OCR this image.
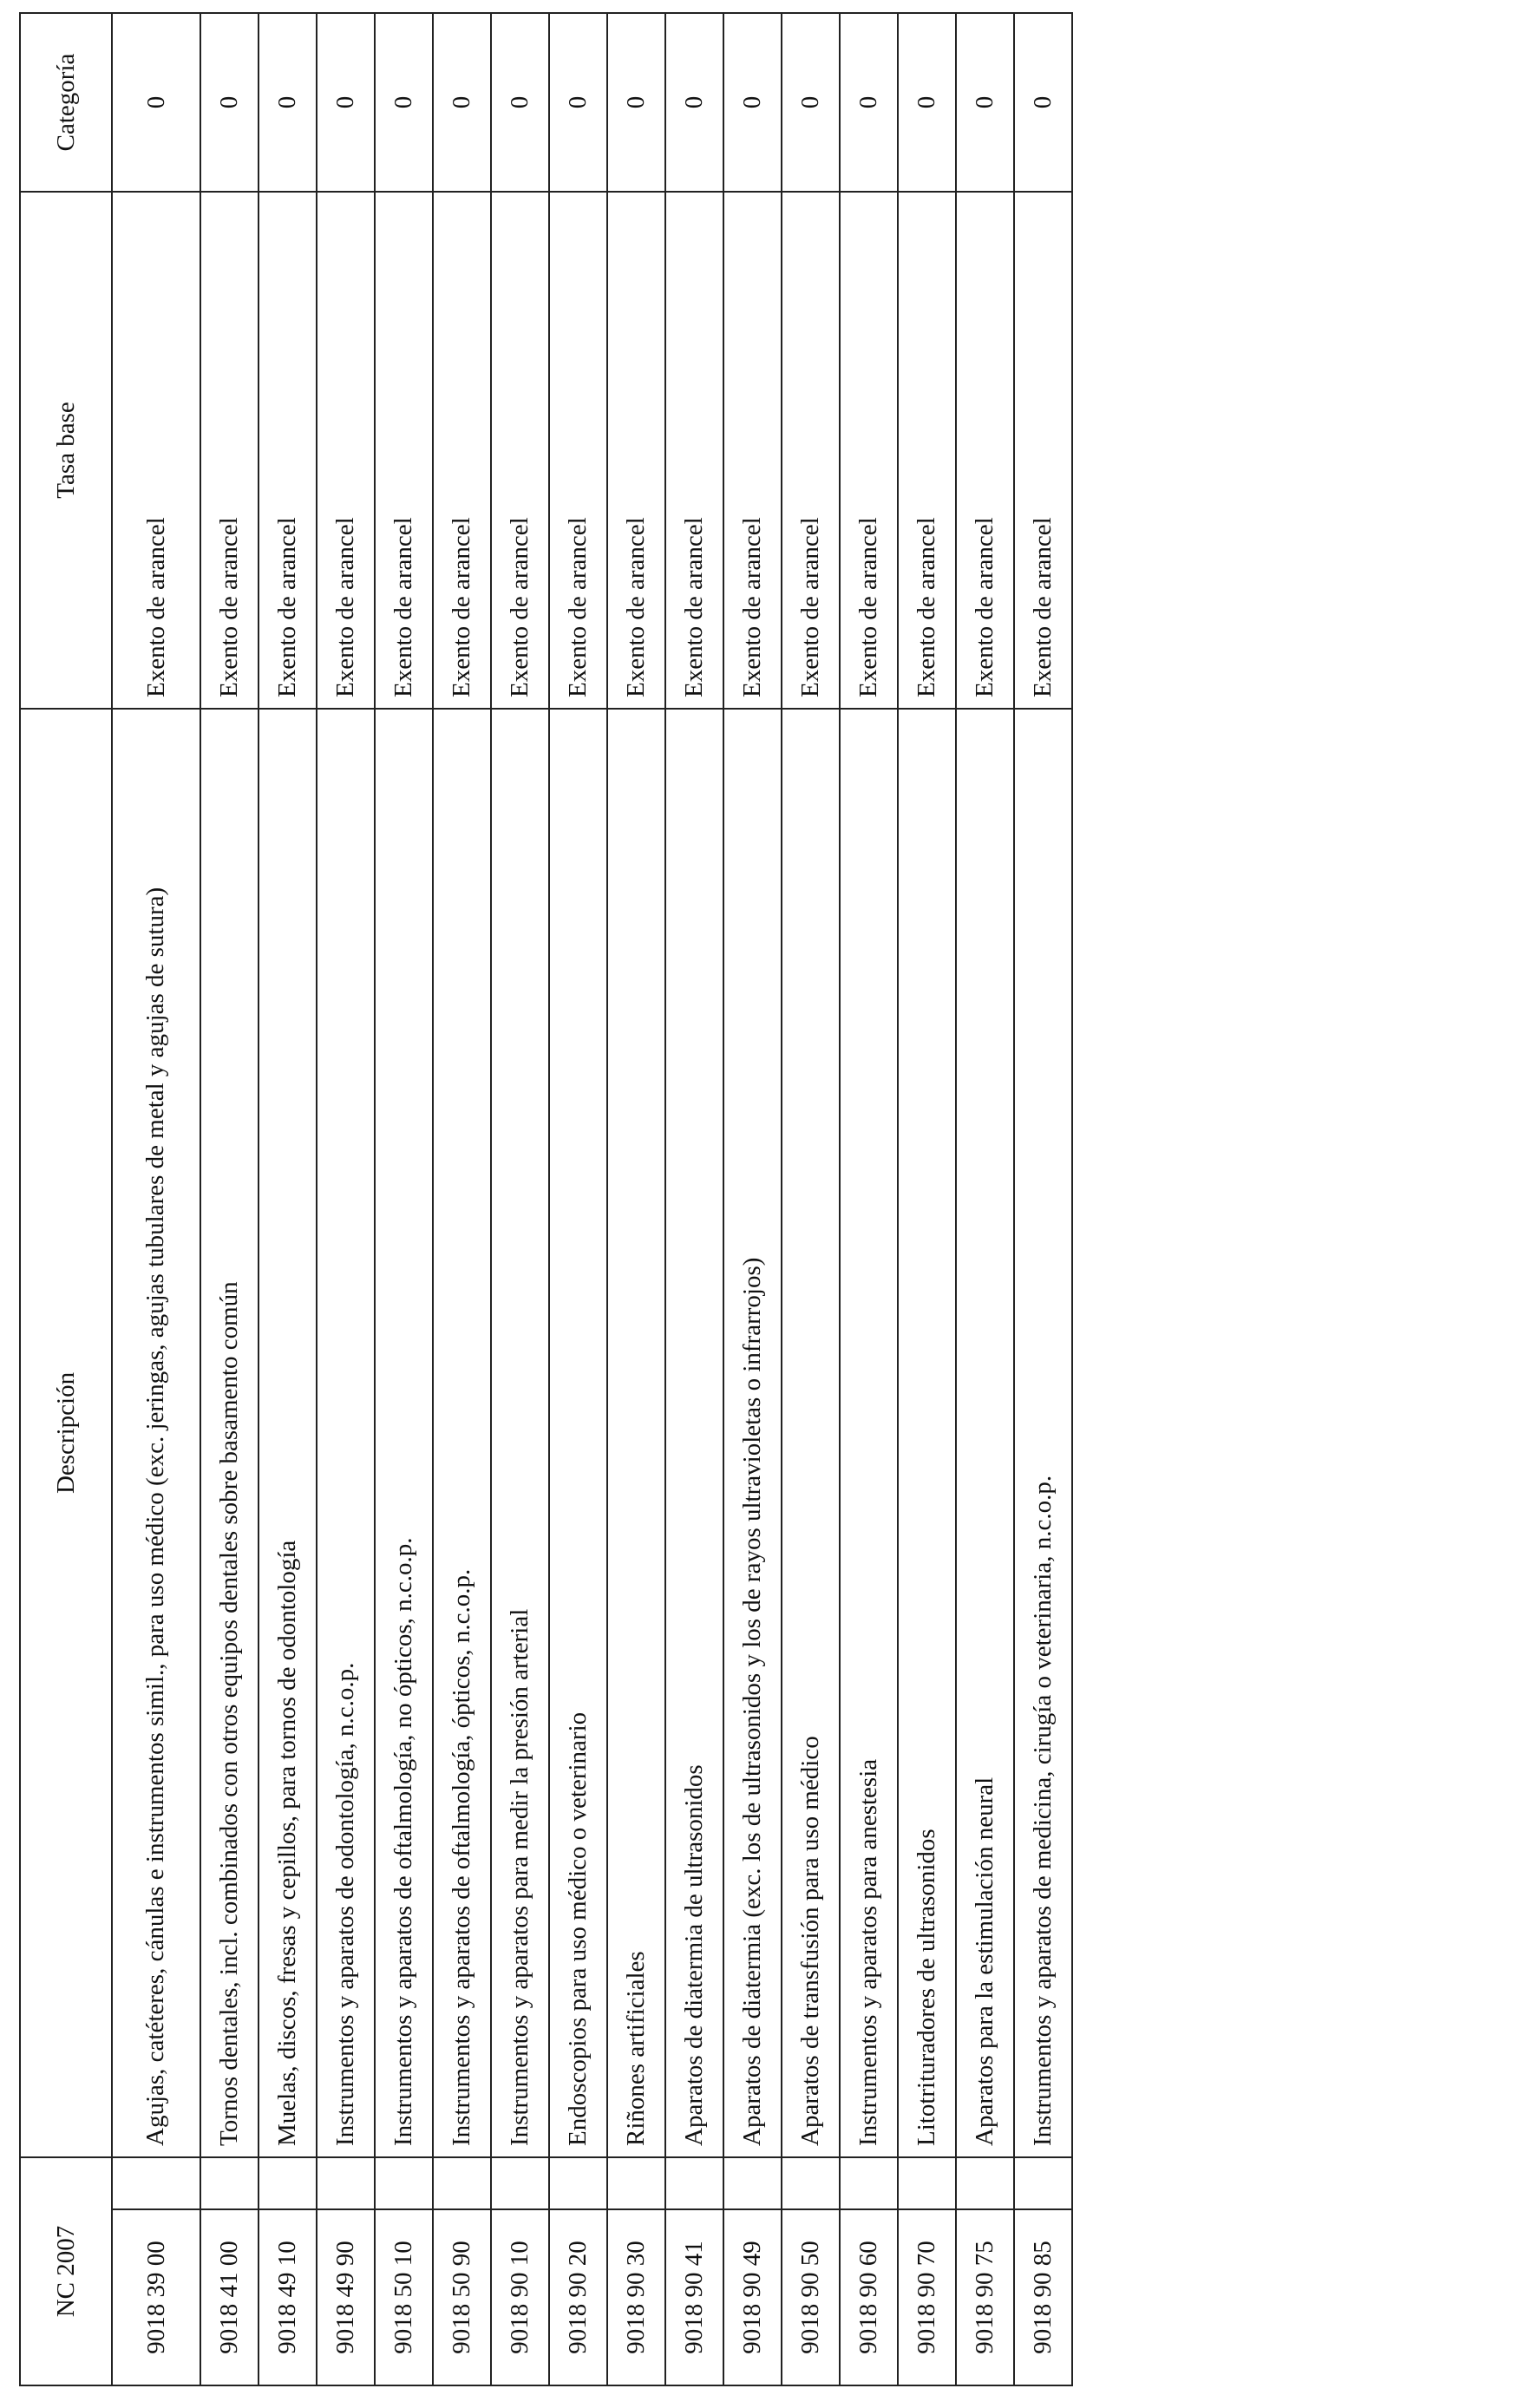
NC 2007		Descripción	Tasa base	Categoría
9018 39 00		Agujas, catéteres, cánulas e instrumentos simil., para uso médico (exc. jeringas, agujas tubulares de metal y agujas de sutura)	Exento de arancel	0
9018 41 00		Tornos dentales, incl. combinados con otros equipos dentales sobre basamento común	Exento de arancel	0
9018 49 10		Muelas, discos, fresas y cepillos, para tornos de odontología	Exento de arancel	0
9018 49 90		Instrumentos y aparatos de odontología, n.c.o.p.	Exento de arancel	0
9018 50 10		Instrumentos y aparatos de oftalmología, no ópticos, n.c.o.p.	Exento de arancel	0
9018 50 90		Instrumentos y aparatos de oftalmología, ópticos, n.c.o.p.	Exento de arancel	0
9018 90 10		Instrumentos y aparatos para medir la presión arterial	Exento de arancel	0
9018 90 20		Endoscopios para uso médico o veterinario	Exento de arancel	0
9018 90 30		Riñones artificiales	Exento de arancel	0
9018 90 41		Aparatos de diatermia de ultrasonidos	Exento de arancel	0
9018 90 49		Aparatos de diatermia (exc. los de ultrasonidos y los de rayos ultravioletas o infrarrojos)	Exento de arancel	0
9018 90 50		Aparatos de transfusión para uso médico	Exento de arancel	0
9018 90 60		Instrumentos y aparatos para anestesia	Exento de arancel	0
9018 90 70		Litotrituradores de ultrasonidos	Exento de arancel	0
9018 90 75		Aparatos para la estimulación neural	Exento de arancel	0
9018 90 85		Instrumentos y aparatos de medicina, cirugía o veterinaria, n.c.o.p.	Exento de arancel	0
